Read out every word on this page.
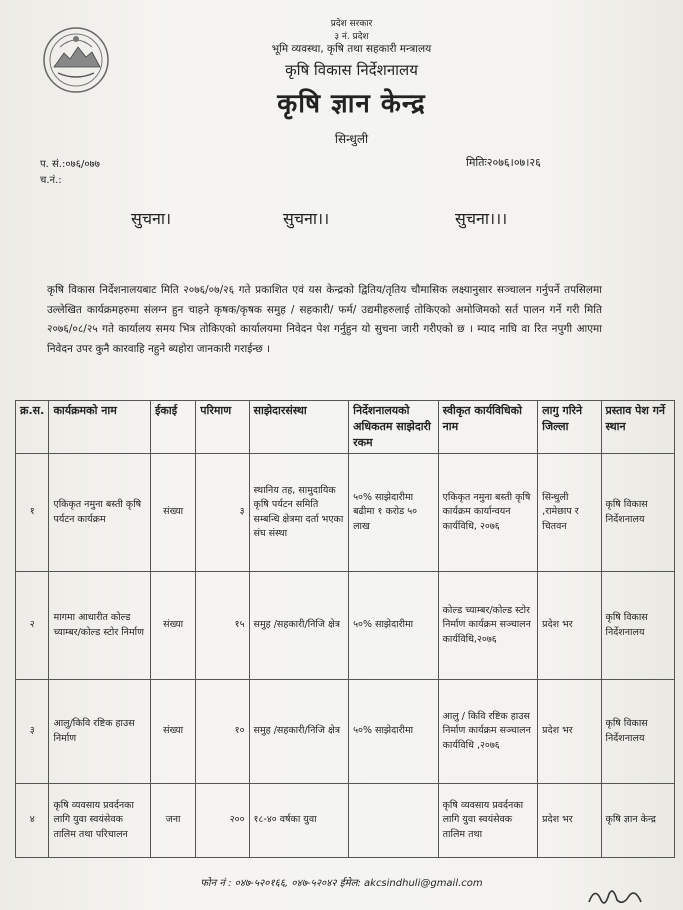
प्रदेश सरकार
३ नं. प्रदेश
भूमि व्यवस्था, कृषि तथा सहकारी मन्त्रालय
कृषि विकास निर्देशनालय
कृषि ज्ञान केन्द्र
सिन्धुली
प. सं.:०७६/०७७
च.नं.:
मितिः२०७६।०७।२६
सुचना।	सुचना।।	सुचना।।।
कृषि विकास निर्देशनालयबाट मिति २०७६/०७/२६ गते प्रकाशित एवं यस केन्द्रको द्वितिय/तृतिय चौमासिक लक्ष्यानुसार सञ्चालन गर्नुपर्ने तपसिलमा उल्लेखित कार्यक्रमहरुमा संलग्न हुन चाहने कृषक/कृषक समुह / सहकारी/ फर्म/ उद्यमीहरुलाई तोकिएको अमोजिमको सर्त पालन गर्ने गरी मिति २०७६/०८/२५ गते कार्यालय समय भित्र तोकिएको कार्यालयमा निवेदन पेश गर्नुहुन यो सुचना जारी गरीएको छ । म्याद नाघि वा रित नपुगी आएमा निवेदन उपर कुनै कारवाहि नहुने ब्यहोरा जानकारी गराईन्छ ।
क्र.स.	कार्यक्रमको नाम	ईकाई	परिमाण	साझेदारसंस्था	निर्देशनालयको अधिकतम साझेदारी रकम	स्वीकृत कार्यविधिको नाम	लागु गरिने जिल्ला	प्रस्ताव पेश गर्ने स्थान
१	एकिकृत नमुना बस्ती कृषि पर्यटन कार्यक्रम	संख्या	३	स्थानिय तह, सामुदायिक कृषि पर्यटन समिति सम्बन्धि क्षेत्रमा दर्ता भएका संघ संस्था	५०% साझेदारीमा बढीमा १ करोड ५० लाख	एकिकृत नमुना बस्ती कृषि कार्यक्रम कार्यान्वयन कार्यविधि, २०७६	सिन्धुली ,रामेछाप र चितवन	कृषि विकास निर्देशनालय
२	मागमा आधारीत कोल्ड च्याम्बर/कोल्ड स्टोर निर्माण	संख्या	१५	समुह /सहकारी/निजि क्षेत्र	५०% साझेदारीमा	कोल्ड च्याम्बर/कोल्ड स्टोर निर्माण कार्यक्रम सञ्चालन कार्यविधि,२०७६	प्रदेश भर	कृषि विकास निर्देशनालय
३	आलु/किवि रष्टिक हाउस निर्माण	संख्या	१०	समुह /सहकारी/निजि क्षेत्र	५०% साझेदारीमा	आलु / किवि रष्टिक हाउस निर्माण कार्यक्रम सञ्चालन कार्यविधि ,२०७६	प्रदेश भर	कृषि विकास निर्देशनालय
४	कृषि व्यवसाय प्रवर्दनका लागि युवा स्वयंसेवक तालिम तथा परिचालन	जना	२००	१८-४० वर्षका युवा		कृषि व्यवसाय प्रवर्दनका लागि युवा स्वयंसेवक तालिम तथा	प्रदेश भर	कृषि ज्ञान केन्द्र
फोन नं : ०४७-५२०१६६, ०४७-५२०४२ ईमेल: akcsindhuli@gmail.com
